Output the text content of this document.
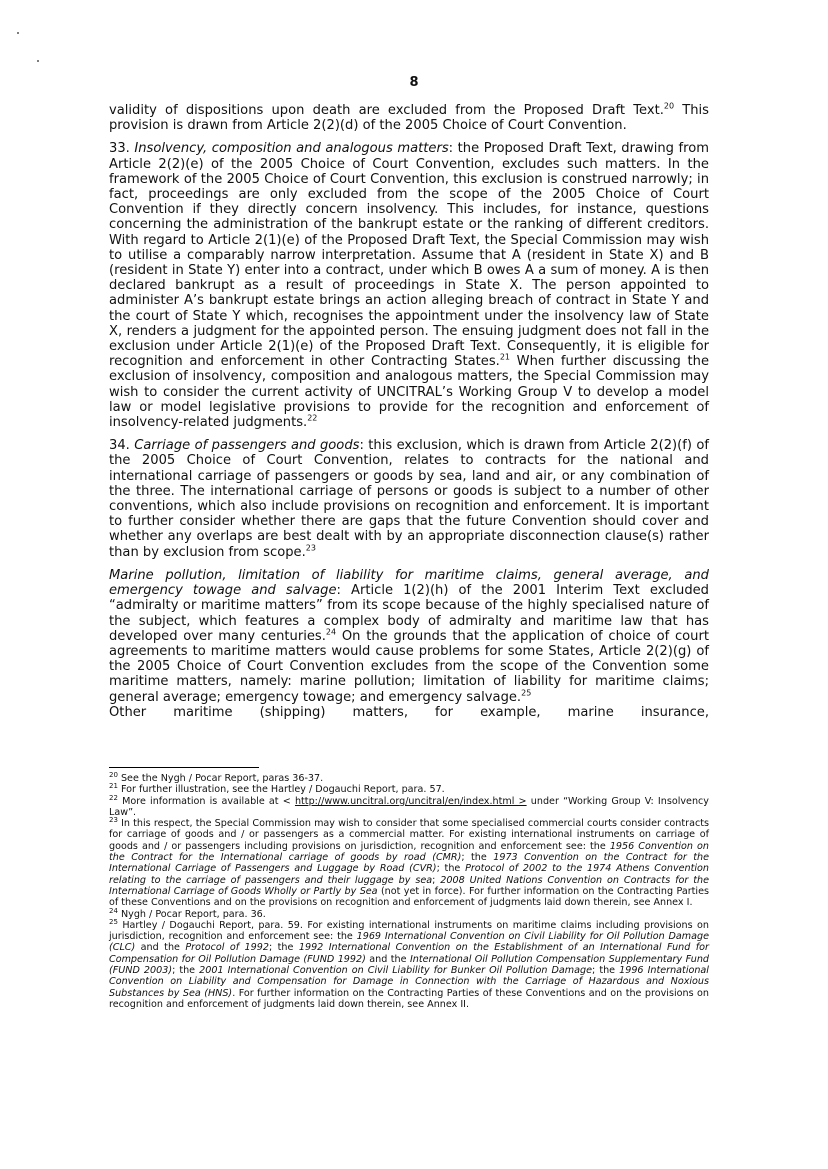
8

validity of dispositions upon death are excluded from the Proposed Draft Text.$^{20}$ This provision is drawn from Article 2(2)(d) of the 2005 Choice of Court Convention.

33. Insolvency, composition and analogous matters: the Proposed Draft Text, drawing from Article 2(2)(e) of the 2005 Choice of Court Convention, excludes such matters. In the framework of the 2005 Choice of Court Convention, this exclusion is construed narrowly; in fact, proceedings are only excluded from the scope of the 2005 Choice of Court Convention if they directly concern insolvency. This includes, for instance, questions concerning the administration of the bankrupt estate or the ranking of different creditors. With regard to Article 2(1)(e) of the Proposed Draft Text, the Special Commission may wish to utilise a comparably narrow interpretation. Assume that A (resident in State X) and B (resident in State Y) enter into a contract, under which B owes A a sum of money. A is then declared bankrupt as a result of proceedings in State X. The person appointed to administer A’s bankrupt estate brings an action alleging breach of contract in State Y and the court of State Y which, recognises the appointment under the insolvency law of State X, renders a judgment for the appointed person. The ensuing judgment does not fall in the exclusion under Article 2(1)(e) of the Proposed Draft Text. Consequently, it is eligible for recognition and enforcement in other Contracting States.$^{21}$ When further discussing the exclusion of insolvency, composition and analogous matters, the Special Commission may wish to consider the current activity of UNCITRAL’s Working Group V to develop a model law or model legislative provisions to provide for the recognition and enforcement of insolvency-related judgments.$^{22}$

34. Carriage of passengers and goods: this exclusion, which is drawn from Article 2(2)(f) of the 2005 Choice of Court Convention, relates to contracts for the national and international carriage of passengers or goods by sea, land and air, or any combination of the three. The international carriage of persons or goods is subject to a number of other conventions, which also include provisions on recognition and enforcement. It is important to further consider whether there are gaps that the future Convention should cover and whether any overlaps are best dealt with by an appropriate disconnection clause(s) rather than by exclusion from scope.$^{23}$

Marine pollution, limitation of liability for maritime claims, general average, and emergency towage and salvage: Article 1(2)(h) of the 2001 Interim Text excluded “admiralty or maritime matters” from its scope because of the highly specialised nature of the subject, which features a complex body of admiralty and maritime law that has developed over many centuries.$^{24}$ On the grounds that the application of choice of court agreements to maritime matters would cause problems for some States, Article 2(2)(g) of the 2005 Choice of Court Convention excludes from the scope of the Convention some maritime matters, namely: marine pollution; limitation of liability for maritime claims; general average; emergency towage; and emergency salvage.$^{25}$

Other maritime (shipping) matters, for example, marine insurance,

$^{20}$ See the Nygh / Pocar Report, paras 36-37.

$^{21}$ For further illustration, see the Hartley / Dogauchi Report, para. 57.

$^{22}$ More information is available at < http://www.uncitral.org/uncitral/en/index.html > under “Working Group V: Insolvency Law”.

$^{23}$ In this respect, the Special Commission may wish to consider that some specialised commercial courts consider contracts for carriage of goods and / or passengers as a commercial matter. For existing international instruments on carriage of goods and / or passengers including provisions on jurisdiction, recognition and enforcement see: the 1956 Convention on the Contract for the International carriage of goods by road (CMR); the 1973 Convention on the Contract for the International Carriage of Passengers and Luggage by Road (CVR); the Protocol of 2002 to the 1974 Athens Convention relating to the carriage of passengers and their luggage by sea; 2008 United Nations Convention on Contracts for the International Carriage of Goods Wholly or Partly by Sea (not yet in force). For further information on the Contracting Parties of these Conventions and on the provisions on recognition and enforcement of judgments laid down therein, see Annex I.

$^{24}$ Nygh / Pocar Report, para. 36.

$^{25}$ Hartley / Dogauchi Report, para. 59. For existing international instruments on maritime claims including provisions on jurisdiction, recognition and enforcement see: the 1969 International Convention on Civil Liability for Oil Pollution Damage (CLC) and the Protocol of 1992; the 1992 International Convention on the Establishment of an International Fund for Compensation for Oil Pollution Damage (FUND 1992) and the International Oil Pollution Compensation Supplementary Fund (FUND 2003); the 2001 International Convention on Civil Liability for Bunker Oil Pollution Damage; the 1996 International Convention on Liability and Compensation for Damage in Connection with the Carriage of Hazardous and Noxious Substances by Sea (HNS). For further information on the Contracting Parties of these Conventions and on the provisions on recognition and enforcement of judgments laid down therein, see Annex II.
